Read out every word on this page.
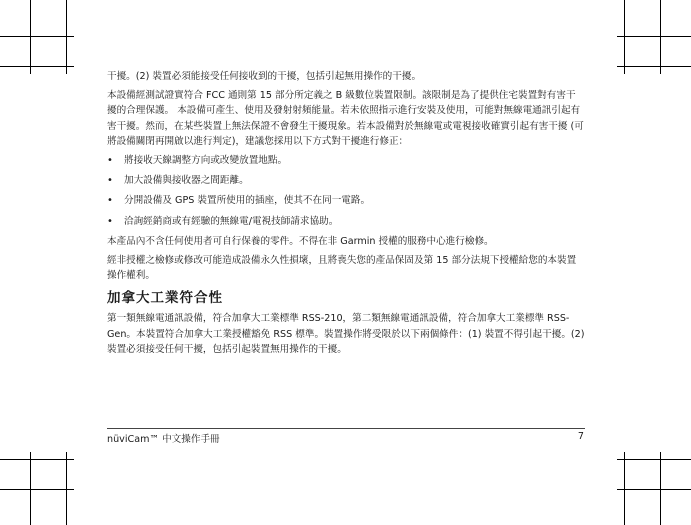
干擾。(2) 裝置必須能接受任何接收到的干擾，包括引起無用操作的干擾。

本設備經測試證實符合 FCC 通則第 15 部分所定義之 B 級數位裝置限制。該限制是為了提供住宅裝置對有害干擾的合理保護。 本設備可產生、使用及發射射頻能量。若未依照指示進行安裝及使用，可能對無線電通訊引起有害干擾。然而，在某些裝置上無法保證不會發生干擾現象。若本設備對於無線電或電視接收確實引起有害干擾 (可將設備關閉再開啟以進行判定)，建議您採用以下方式對干擾進行修正：

• 將接收天線調整方向或改變放置地點。
• 加大設備與接收器之間距離。
• 分開設備及 GPS 裝置所使用的插座，使其不在同一電路。
• 洽詢經銷商或有經驗的無線電/電視技師請求協助。

本產品內不含任何使用者可自行保養的零件。不得在非 Garmin 授權的服務中心進行檢修。

經非授權之檢修或修改可能造成設備永久性損壞，且將喪失您的產品保固及第 15 部分法規下授權給您的本裝置操作權利。

加拿大工業符合性

第一類無線電通訊設備，符合加拿大工業標準 RSS-210，第二類無線電通訊設備，符合加拿大工業標準 RSS-Gen。本裝置符合加拿大工業授權豁免 RSS 標準。裝置操作將受限於以下兩個條件：(1) 裝置不得引起干擾。(2) 裝置必須接受任何干擾，包括引起裝置無用操作的干擾。

nüviCam™ 中文操作手冊	7
